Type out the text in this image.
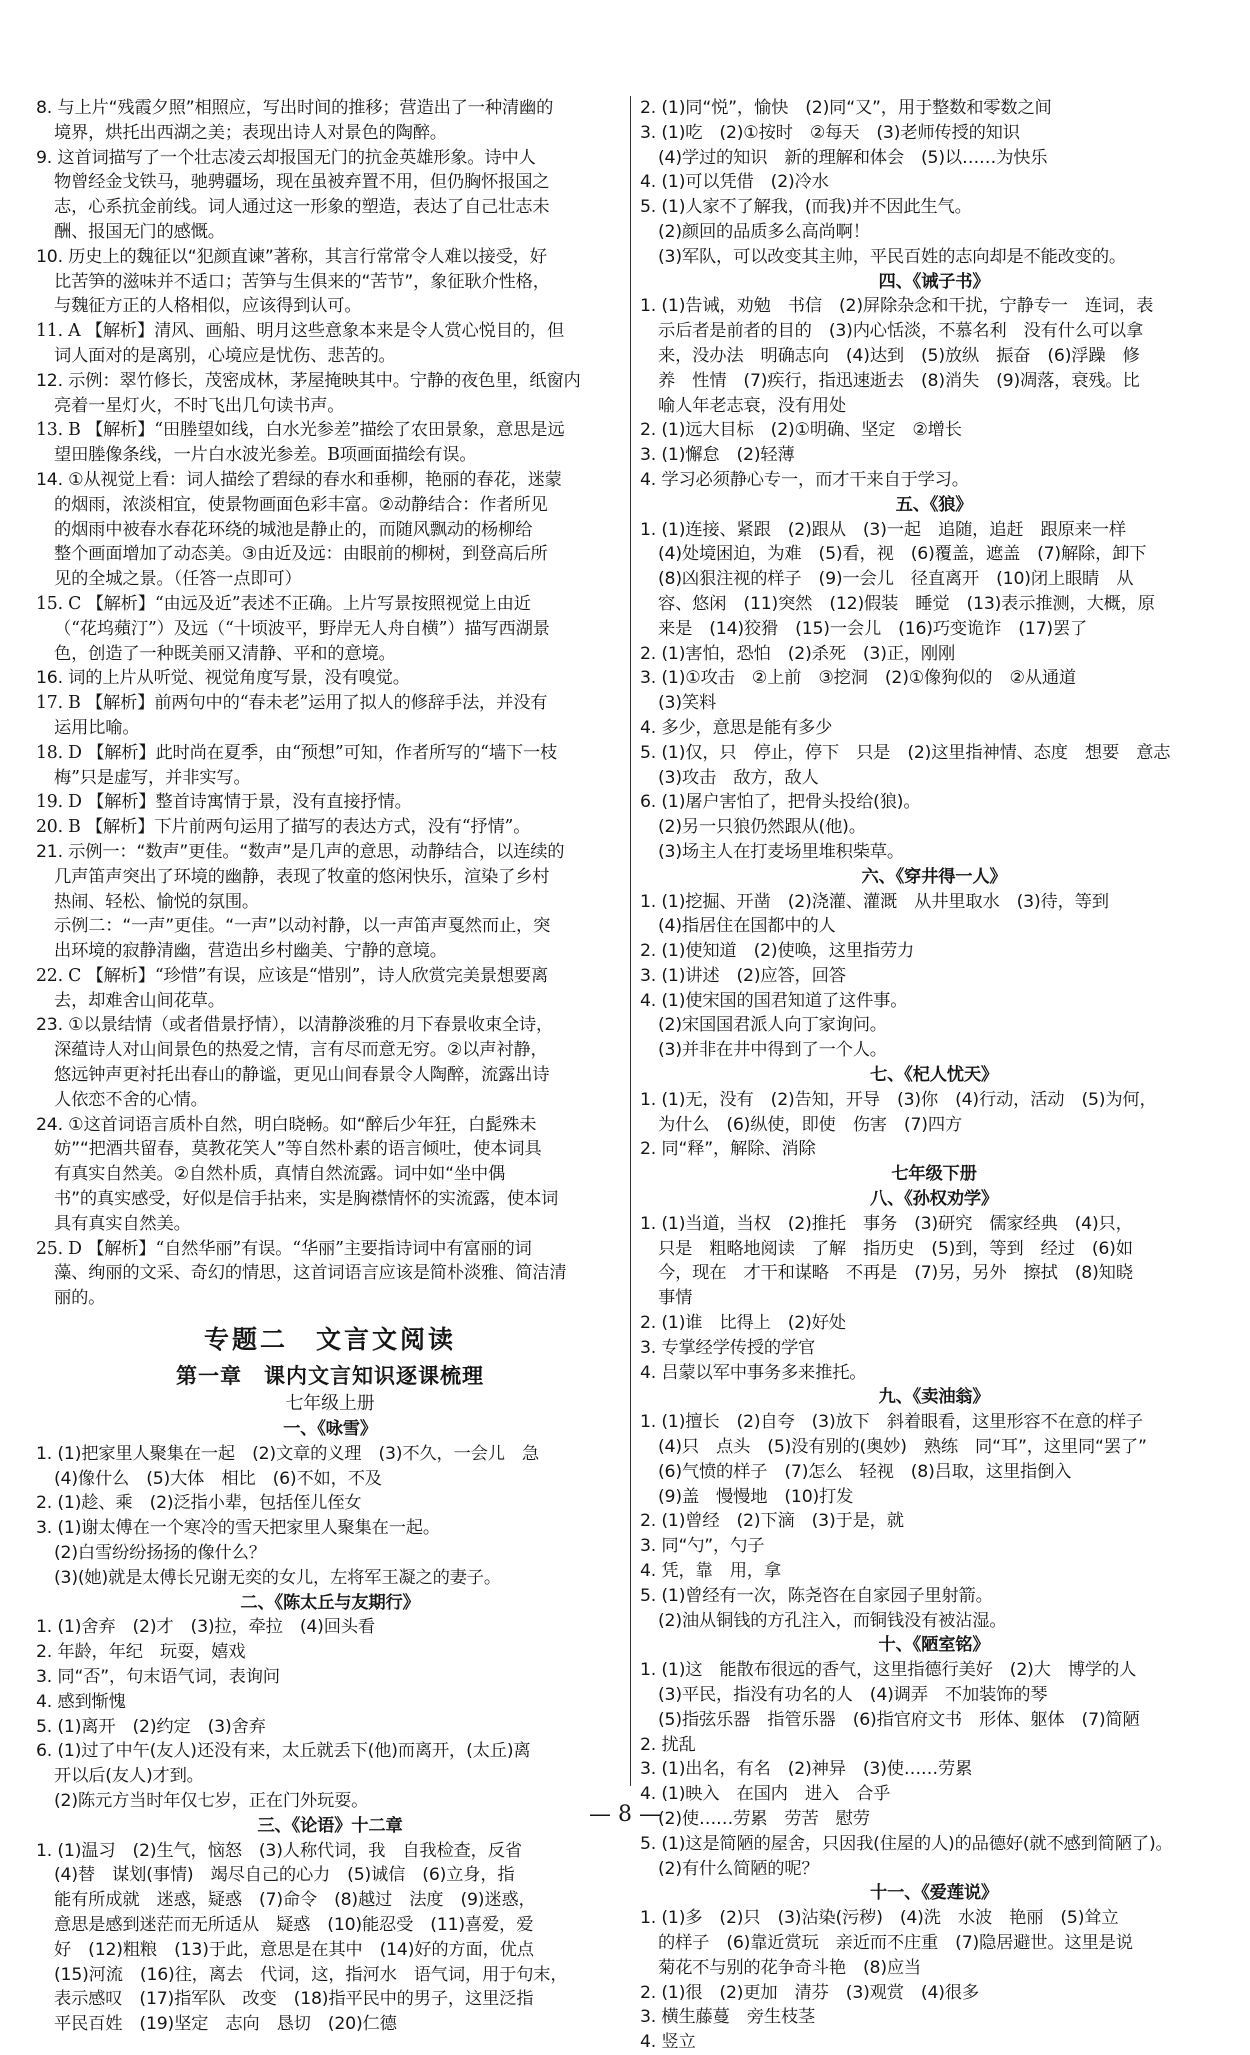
8. 与上片“残霞夕照”相照应，写出时间的推移；营造出了一种清幽的

境界，烘托出西湖之美；表现出诗人对景色的陶醉。

9. 这首词描写了一个壮志凌云却报国无门的抗金英雄形象。诗中人

物曾经金戈铁马，驰骋疆场，现在虽被弃置不用，但仍胸怀报国之

志，心系抗金前线。词人通过这一形象的塑造，表达了自己壮志未

酬、报国无门的感慨。

10. 历史上的魏征以“犯颜直谏”著称，其言行常常令人难以接受，好

比苦笋的滋味并不适口；苦笋与生俱来的“苦节”，象征耿介性格，

与魏征方正的人格相似，应该得到认可。

11. A 【解析】清风、画船、明月这些意象本来是令人赏心悦目的，但

词人面对的是离别，心境应是忧伤、悲苦的。

12. 示例：翠竹修长，茂密成林，茅屋掩映其中。宁静的夜色里，纸窗内

亮着一星灯火，不时飞出几句读书声。

13. B 【解析】“田塍望如线，白水光参差”描绘了农田景象，意思是远

望田塍像条线，一片白水波光参差。B项画面描绘有误。

14. ①从视觉上看：词人描绘了碧绿的春水和垂柳，艳丽的春花，迷蒙

的烟雨，浓淡相宜，使景物画面色彩丰富。②动静结合：作者所见

的烟雨中被春水春花环绕的城池是静止的，而随风飘动的杨柳给

整个画面增加了动态美。③由近及远：由眼前的柳树，到登高后所

见的全城之景。（任答一点即可）

15. C 【解析】“由远及近”表述不正确。上片写景按照视觉上由近

（“花坞蘋汀”）及远（“十顷波平，野岸无人舟自横”）描写西湖景

色，创造了一种既美丽又清静、平和的意境。

16. 词的上片从听觉、视觉角度写景，没有嗅觉。

17. B 【解析】前两句中的“春未老”运用了拟人的修辞手法，并没有

运用比喻。

18. D 【解析】此时尚在夏季，由“预想”可知，作者所写的“墙下一枝

梅”只是虚写，并非实写。

19. D 【解析】整首诗寓情于景，没有直接抒情。

20. B 【解析】下片前两句运用了描写的表达方式，没有“抒情”。

21. 示例一：“数声”更佳。“数声”是几声的意思，动静结合，以连续的

几声笛声突出了环境的幽静，表现了牧童的悠闲快乐，渲染了乡村

热闹、轻松、愉悦的氛围。

示例二：“一声”更佳。“一声”以动衬静，以一声笛声戛然而止，突

出环境的寂静清幽，营造出乡村幽美、宁静的意境。

22. C 【解析】“珍惜”有误，应该是“惜别”，诗人欣赏完美景想要离

去，却难舍山间花草。

23. ①以景结情（或者借景抒情），以清静淡雅的月下春景收束全诗，

深蕴诗人对山间景色的热爱之情，言有尽而意无穷。②以声衬静，

悠远钟声更衬托出春山的静谧，更见山间春景令人陶醉，流露出诗

人依恋不舍的心情。

24. ①这首词语言质朴自然，明白晓畅。如“醉后少年狂，白髭殊未

妨”“把酒共留春，莫教花笑人”等自然朴素的语言倾吐，使本词具

有真实自然美。②自然朴质，真情自然流露。词中如“坐中偶

书”的真实感受，好似是信手拈来，实是胸襟情怀的实流露，使本词

具有真实自然美。

25. D 【解析】“自然华丽”有误。“华丽”主要指诗词中有富丽的词

藻、绚丽的文采、奇幻的情思，这首词语言应该是简朴淡雅、简洁清

丽的。

专题二　文言文阅读
第一章　课内文言知识逐课梳理
七年级上册

一、《咏雪》

1. (1)把家里人聚集在一起　(2)文章的义理　(3)不久，一会儿　急

(4)像什么　(5)大体　相比　(6)不如，不及

2. (1)趁、乘　(2)泛指小辈，包括侄儿侄女

3. (1)谢太傅在一个寒冷的雪天把家里人聚集在一起。

(2)白雪纷纷扬扬的像什么？

(3)(她)就是太傅长兄谢无奕的女儿，左将军王凝之的妻子。

二、《陈太丘与友期行》

1. (1)舍弃　(2)才　(3)拉，牵拉　(4)回头看

2. 年龄，年纪　玩耍，嬉戏

3. 同“否”，句末语气词，表询问

4. 感到惭愧

5. (1)离开　(2)约定　(3)舍弃

6. (1)过了中午(友人)还没有来，太丘就丢下(他)而离开，(太丘)离

开以后(友人)才到。

(2)陈元方当时年仅七岁，正在门外玩耍。

三、《论语》十二章

1. (1)温习　(2)生气，恼怒　(3)人称代词，我　自我检查，反省

(4)替　谋划(事情)　竭尽自己的心力　(5)诚信　(6)立身，指

能有所成就　迷惑，疑惑　(7)命令　(8)越过　法度　(9)迷惑，

意思是感到迷茫而无所适从　疑惑　(10)能忍受　(11)喜爱，爱

好　(12)粗粮　(13)于此，意思是在其中　(14)好的方面，优点

(15)河流　(16)往，离去　代词，这，指河水　语气词，用于句末，

表示感叹　(17)指军队　改变　(18)指平民中的男子，这里泛指

平民百姓　(19)坚定　志向　恳切　(20)仁德

2. (1)同“悦”，愉快　(2)同“又”，用于整数和零数之间

3. (1)吃　(2)①按时　②每天　(3)老师传授的知识

(4)学过的知识　新的理解和体会　(5)以……为快乐

4. (1)可以凭借　(2)冷水

5. (1)人家不了解我，(而我)并不因此生气。

(2)颜回的品质多么高尚啊！

(3)军队，可以改变其主帅，平民百姓的志向却是不能改变的。

四、《诫子书》

1. (1)告诫，劝勉　书信　(2)屏除杂念和干扰，宁静专一　连词，表

示后者是前者的目的　(3)内心恬淡，不慕名利　没有什么可以拿

来，没办法　明确志向　(4)达到　(5)放纵　振奋　(6)浮躁　修

养　性情　(7)疾行，指迅速逝去　(8)消失　(9)凋落，衰残。比

喻人年老志衰，没有用处

2. (1)远大目标　(2)①明确、坚定　②增长

3. (1)懈怠　(2)轻薄

4. 学习必须静心专一，而才干来自于学习。

五、《狼》

1. (1)连接、紧跟　(2)跟从　(3)一起　追随，追赶　跟原来一样

(4)处境困迫，为难　(5)看，视　(6)覆盖，遮盖　(7)解除，卸下

(8)凶狠注视的样子　(9)一会儿　径直离开　(10)闭上眼睛　从

容、悠闲　(11)突然　(12)假装　睡觉　(13)表示推测，大概，原

来是　(14)狡猾　(15)一会儿　(16)巧变诡诈　(17)罢了

2. (1)害怕，恐怕　(2)杀死　(3)正，刚刚

3. (1)①攻击　②上前　③挖洞　(2)①像狗似的　②从通道

(3)笑料

4. 多少，意思是能有多少

5. (1)仅，只　停止，停下　只是　(2)这里指神情、态度　想要　意志

(3)攻击　敌方，敌人

6. (1)屠户害怕了，把骨头投给(狼)。

(2)另一只狼仍然跟从(他)。

(3)场主人在打麦场里堆积柴草。

六、《穿井得一人》

1. (1)挖掘、开凿　(2)浇灌、灌溉　从井里取水　(3)待，等到

(4)指居住在国都中的人

2. (1)使知道　(2)使唤，这里指劳力

3. (1)讲述　(2)应答，回答

4. (1)使宋国的国君知道了这件事。

(2)宋国国君派人向丁家询问。

(3)并非在井中得到了一个人。

七、《杞人忧天》

1. (1)无，没有　(2)告知，开导　(3)你　(4)行动，活动　(5)为何，

为什么　(6)纵使，即使　伤害　(7)四方

2. 同“释”，解除、消除

七年级下册

八、《孙权劝学》

1. (1)当道，当权　(2)推托　事务　(3)研究　儒家经典　(4)只，

只是　粗略地阅读　了解　指历史　(5)到，等到　经过　(6)如

今，现在　才干和谋略　不再是　(7)另，另外　擦拭　(8)知晓

事情

2. (1)谁　比得上　(2)好处

3. 专掌经学传授的学官

4. 吕蒙以军中事务多来推托。

九、《卖油翁》

1. (1)擅长　(2)自夸　(3)放下　斜着眼看，这里形容不在意的样子

(4)只　点头　(5)没有别的(奥妙)　熟练　同“耳”，这里同“罢了”

(6)气愤的样子　(7)怎么　轻视　(8)吕取，这里指倒入

(9)盖　慢慢地　(10)打发

2. (1)曾经　(2)下滴　(3)于是，就

3. 同“勺”，勺子

4. 凭，靠　用，拿

5. (1)曾经有一次，陈尧咨在自家园子里射箭。

(2)油从铜钱的方孔注入，而铜钱没有被沾湿。

十、《陋室铭》

1. (1)这　能散布很远的香气，这里指德行美好　(2)大　博学的人

(3)平民，指没有功名的人　(4)调弄　不加装饰的琴

(5)指弦乐器　指管乐器　(6)指官府文书　形体、躯体　(7)简陋

2. 扰乱

3. (1)出名，有名　(2)神异　(3)使……劳累

4. (1)映入　在国内　进入　合乎

(2)使……劳累　劳苦　慰劳

5. (1)这是简陋的屋舍，只因我(住屋的人)的品德好(就不感到简陋了)。

(2)有什么简陋的呢？

十一、《爱莲说》

1. (1)多　(2)只　(3)沾染(污秽)　(4)洗　水波　艳丽　(5)耸立

的样子　(6)靠近赏玩　亲近而不庄重　(7)隐居避世。这里是说

菊花不与别的花争奇斗艳　(8)应当

2. (1)很　(2)更加　清芬　(3)观赏　(4)很多

3. 横生藤蔓　旁生枝茎

4. 竖立

— 8 —
